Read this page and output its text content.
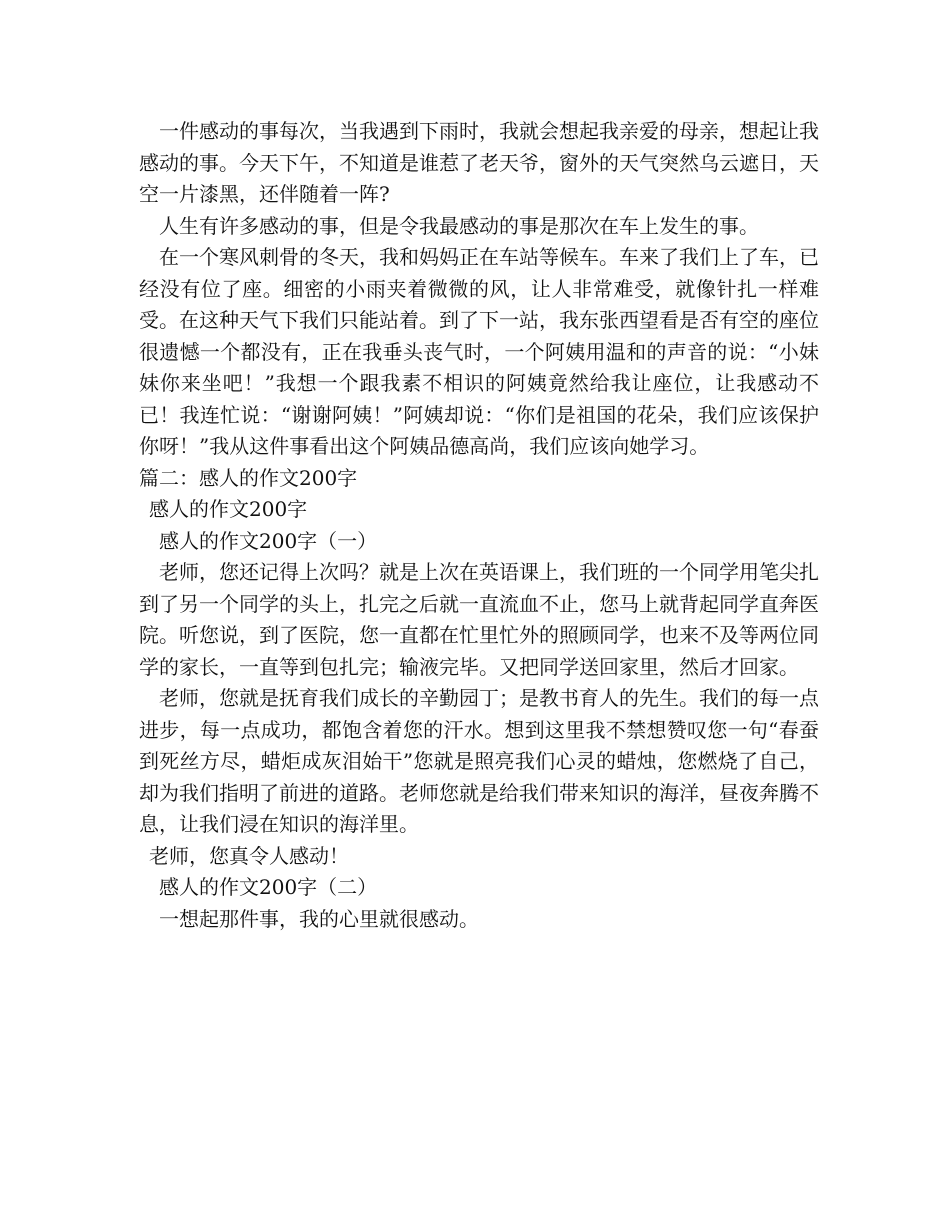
一件感动的事每次，当我遇到下雨时，我就会想起我亲爱的母亲，想起让我感动的事。今天下午，不知道是谁惹了老天爷，窗外的天气突然乌云遮日，天空一片漆黑，还伴随着一阵?

人生有许多感动的事，但是令我最感动的事是那次在车上发生的事。

在一个寒风刺骨的冬天，我和妈妈正在车站等候车。车来了我们上了车，已经没有位了座。细密的小雨夹着微微的风，让人非常难受，就像针扎一样难受。在这种天气下我们只能站着。到了下一站，我东张西望看是否有空的座位很遗憾一个都没有，正在我垂头丧气时，一个阿姨用温和的声音的说：“小妹妹你来坐吧！”我想一个跟我素不相识的阿姨竟然给我让座位，让我感动不已！我连忙说：“谢谢阿姨！”阿姨却说：“你们是祖国的花朵，我们应该保护你呀！”我从这件事看出这个阿姨品德高尚，我们应该向她学习。

篇二：感人的作文200字

感人的作文200字

感人的作文200字（一）

老师，您还记得上次吗？就是上次在英语课上，我们班的一个同学用笔尖扎到了另一个同学的头上，扎完之后就一直流血不止，您马上就背起同学直奔医院。听您说，到了医院，您一直都在忙里忙外的照顾同学，也来不及等两位同学的家长，一直等到包扎完；输液完毕。又把同学送回家里，然后才回家。

老师，您就是抚育我们成长的辛勤园丁；是教书育人的先生。我们的每一点进步，每一点成功，都饱含着您的汗水。想到这里我不禁想赞叹您一句“春蚕到死丝方尽，蜡炬成灰泪始干”您就是照亮我们心灵的蜡烛，您燃烧了自己，却为我们指明了前进的道路。老师您就是给我们带来知识的海洋，昼夜奔腾不息，让我们浸在知识的海洋里。

老师，您真令人感动！

感人的作文200字（二）

一想起那件事，我的心里就很感动。
